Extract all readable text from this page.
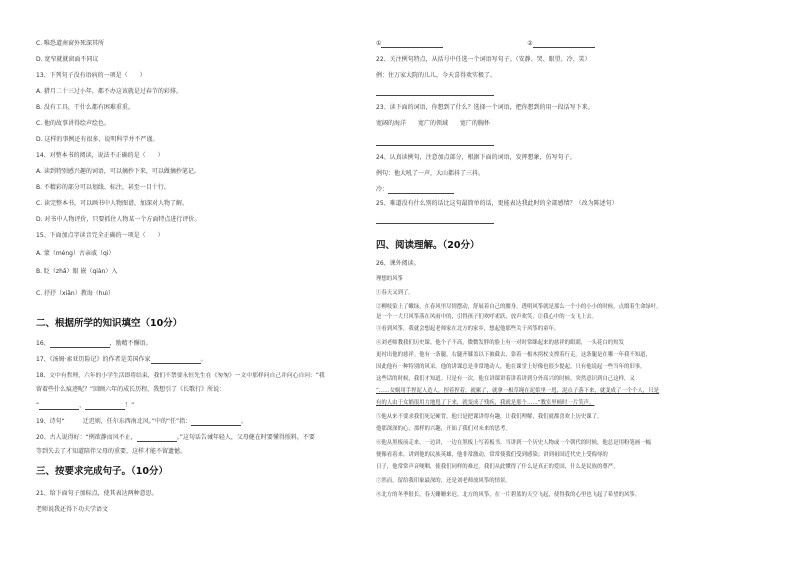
C. 唯恐道南窗外死深其所
D. 宽窄就就窗面不同议
13、下列句子没有语病的一项是（　　）
A. 猎月二十三过小年，都不办这该就是过春节的彩排。
B. 没有工具，干什么都有困难重重。
C. 他的故事讲得绘声绘色。
D. 这样的事例还有很多，说明科学并不严谨。
14、对整本书的阅读，说法不正确的是（　　）
A. 读到特别感兴趣的词语，可以摘抄下来，可以做摘抄笔记。
B. 不精彩的部分可以划线、标注，甚至一目十行。
C. 读完整本书，可以画书中人物图谱，加深对人物了解。
D. 对书中人物评价，只要抓住人物某一个方面特点进行评价。
15、下面加点字读音完全正确的一项是（　　）
A. 蒙（méng）古亲戚（qi）
B. 眨（zhǎ）眼 嵌（qiàn）入
C. 抒抒（xiān）教诲（huì）
二、根据所学的知识填空（10分）
16、	，励精不懈语。
17、《汤姆·索亚历险记》的作者是美国作家	。
18、文中有哲理，六年的小学生活即将结束，我们不禁要永恒先生在《匆匆》一文中那样问自己并问心自问：“我
留着些什么痕迹呢？”回顾六年的成长历程，我想引了《长歌行》所说：
“	，	！”
19、诗句“　　　迁迟则，任尔东西南北风。”中的“任”指：	。
20、古人说得好：“例欲静而风不止，	。”这句话告诫年轻人，父母健在时要懂得照料，不要
等到失去了才知道陪伴父母的重要，这样才能不留遗憾。
三、按要求完成句子。（10分）
21、给下面句子加标点，使其表达两种意思。
老师说我还得下功夫学语文
①	②
22、关注例句特点，从括号中任选一个词语写句子。（安静、哭、眼望、冷、笑）
例：住万家大院的儿儿，今天喜得欢实极了。
23、读下面的词语，你想到了什么？选择一个词语，把你想到的用一段话写下来。
宽阔的海洋 宽广的领域 宽广的胸怀
24、认真读例句，注意加点部分，根据下面的词语，发挥想象，仿写句子。
例句：他大吼了一声，大山都抖了三抖。
冷：
25、难道没有什么别的话比这句最简单的话，更能表达我此时的全部感情？（改为陈述句）
四、阅读理解。（20分）
26、课外阅读。
理想的风筝
①春天又到了。
②柳枝染上了嫩绿，在春风里尽情摆动，舒展着自己的腰身。透明风筝就是那么一个小的小小的时候，点缀着生命绿叶。
是一个一大只风筝落在风雨中的，引得孩子们欢呼雀跃，放声欢笑，让我心中的一支飞上去。
③看到风筝，我就会想起老师家在北方的家乡，想起他那些关于风筝的童年。
④刘老师教我们历史课。他个子不高，微微发胖的脸上有一对时常眯起来的慈祥的眼睛，一头花白的短发
更衬出他的慈祥。他有一条腿，右腿齐膝盖以下被截去，靠着一根木拐杖支撑着行走。这条腿是在哪一年我不知道，
因此他有一种特别的风采。他的讲课总是非常地动人，他在课堂上好像也很少提起。只有他说起一些当年的旧事，
这些话的时候，我们才知道。只是有一次，他在讲课讲着讲着讲到分外高兴的时候，突然意识到自己这样，又
“……女娲用手捏泥人造人，捏着捏着，就累了，就拿一根草绳在泥浆里一甩，泥点子落下来，就变成了一个个人，只是
有的人由于女娲很用力地甩了下来，就变成了残疾，我就是那个……”教室里顿时一片笑声。
⑤他从来不要求我们死记硬背，他只是把课讲得有趣，让我们理解，我们就都喜欢上历史课了。
他那深深的心，那样的兴趣，开始了我们对未来的思考。
⑥他从黑板前走来，一边讲，一边在黑板上写着板书。当讲到一个历史人物或一个朝代的时候，他总是用粉笔画一幅
便像看着来。讲到他的民族英雄，他非常激动，常常使我们受到感染；讲到祖国近代史上受侮辱的
日子，他常常声音哽咽，使我们同样的难过。我们从此懂得了什么是真正的爱国，什么是民族的尊严。
⑦然而，留给我印象最深的，还是刘老师放风筝的情景。
⑧北方的冬季很长，春天姗姗来迟。北方的风筝，在一片碧蓝的天空飞起，使得我的心里也飞起了希望的风筝。
